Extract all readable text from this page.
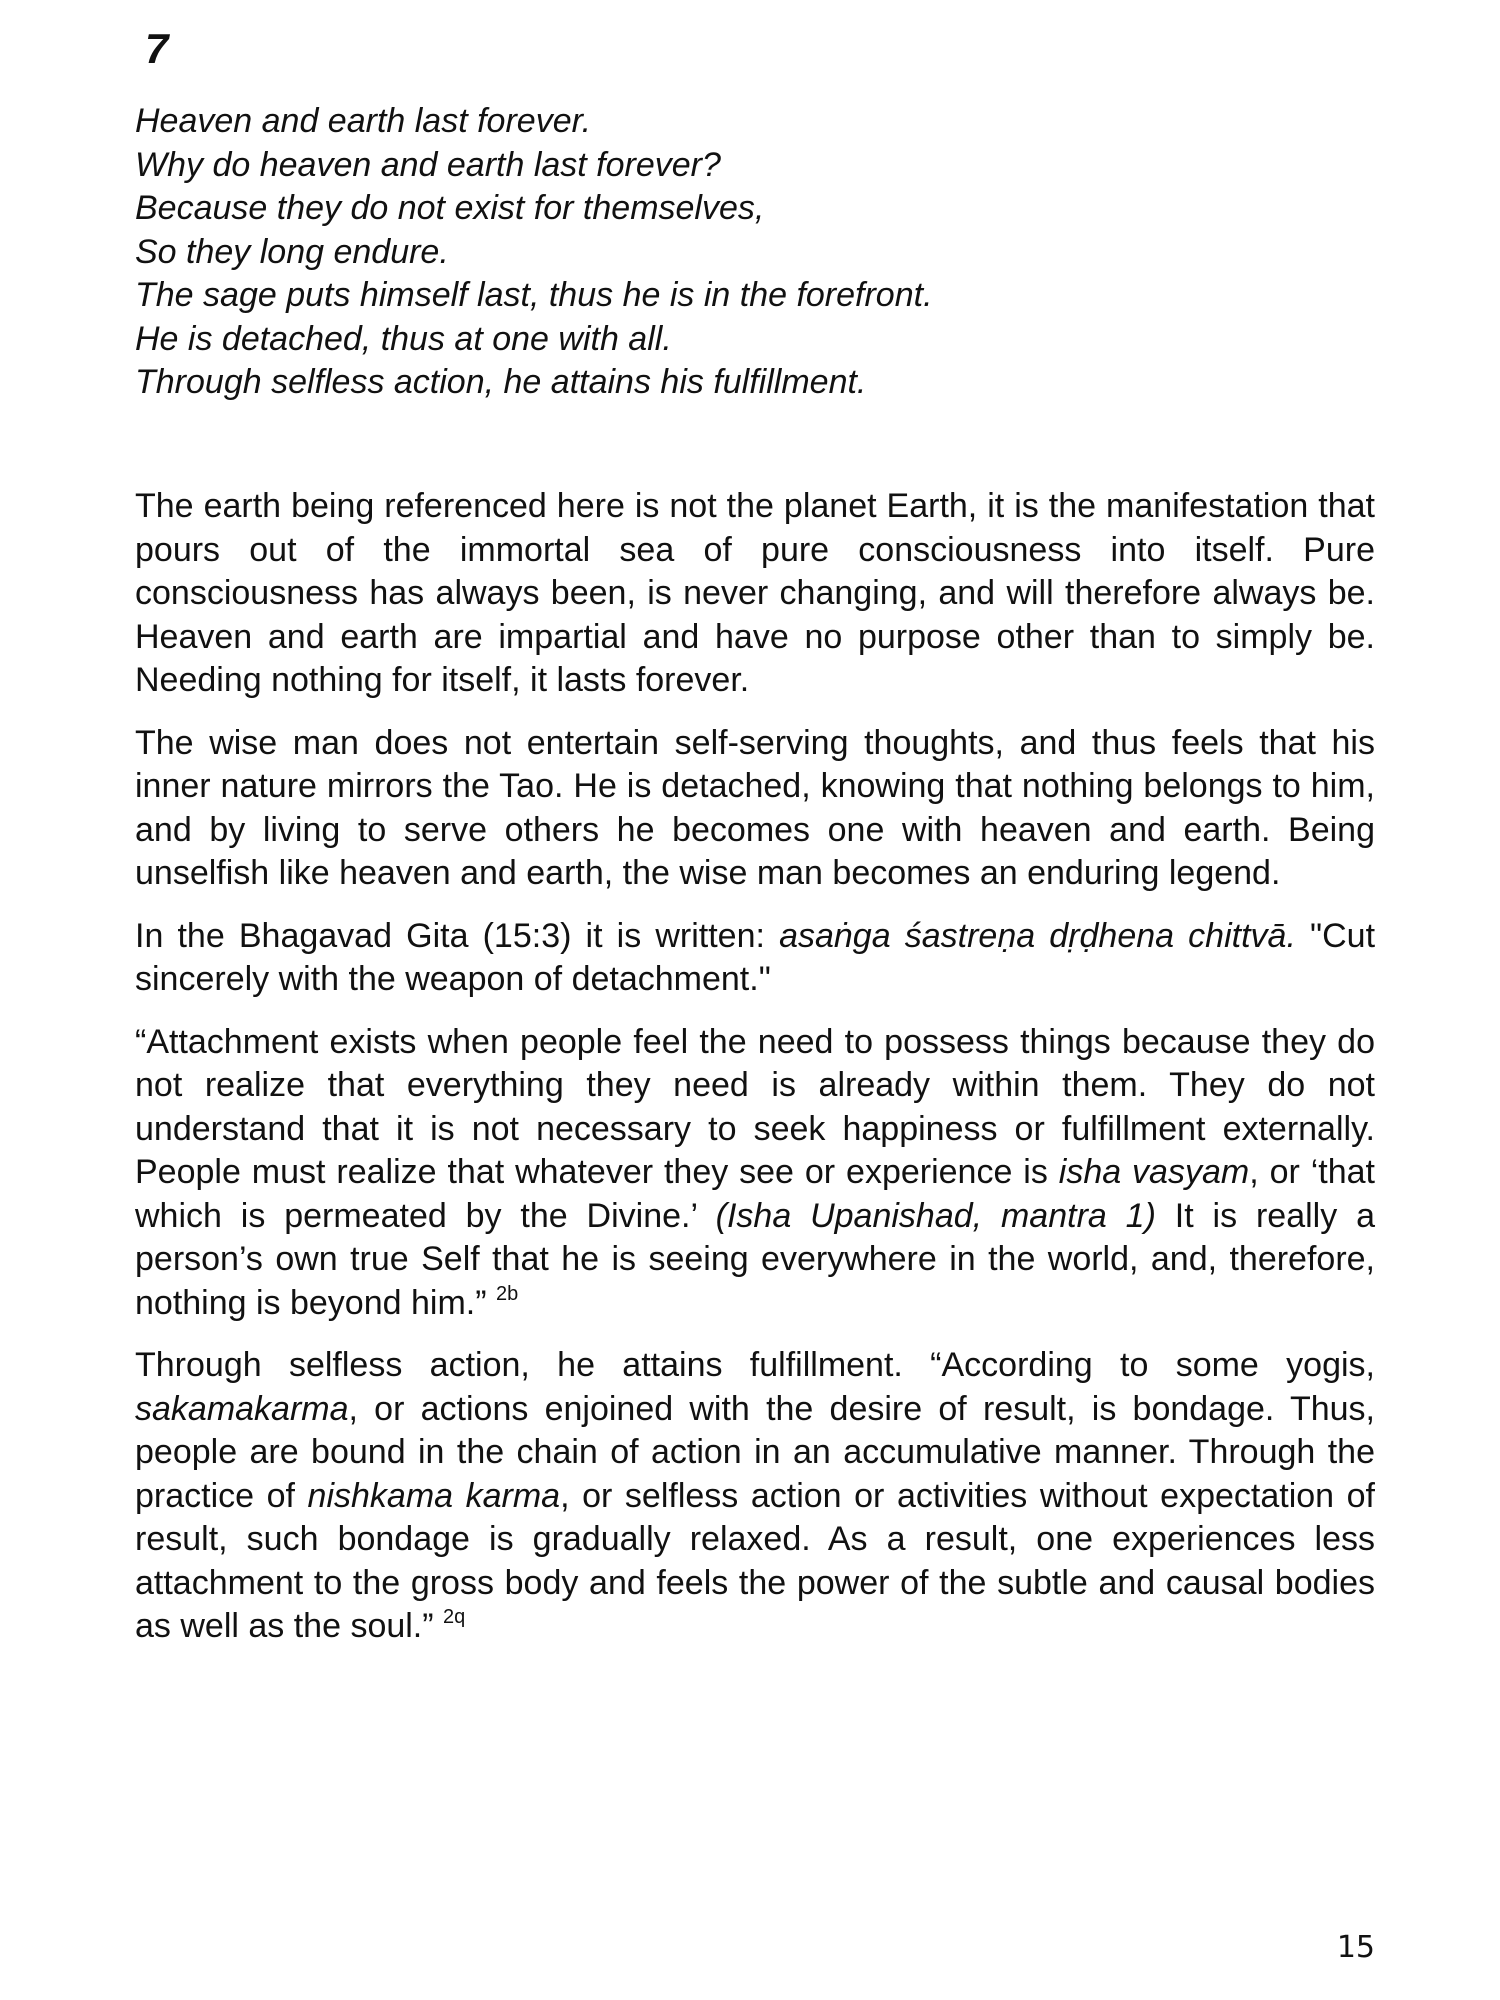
7
Heaven and earth last forever.
Why do heaven and earth last forever?
Because they do not exist for themselves,
So they long endure.
The sage puts himself last, thus he is in the forefront.
He is detached, thus at one with all.
Through selfless action, he attains his fulfillment.

The earth being referenced here is not the planet Earth, it is the manifestation that pours out of the immortal sea of pure consciousness into itself. Pure consciousness has always been, is never changing, and will therefore always be. Heaven and earth are impartial and have no purpose other than to simply be. Needing nothing for itself, it lasts forever.

The wise man does not entertain self-serving thoughts, and thus feels that his inner nature mirrors the Tao. He is detached, knowing that nothing belongs to him, and by living to serve others he becomes one with heaven and earth. Being unselfish like heaven and earth, the wise man becomes an enduring legend.

In the Bhagavad Gita (15:3) it is written: asaṅga śastreṇa dṛḍhena chittvā. "Cut sincerely with the weapon of detachment."

“Attachment exists when people feel the need to possess things because they do not realize that everything they need is already within them. They do not understand that it is not necessary to seek happiness or fulfillment externally. People must realize that whatever they see or experience is isha vasyam, or ‘that which is permeated by the Divine.’ (Isha Upanishad, mantra 1) It is really a person’s own true Self that he is seeing everywhere in the world, and, therefore, nothing is beyond him.” $^{2b}$

Through selfless action, he attains fulfillment. “According to some yogis, sakamakarma, or actions enjoined with the desire of result, is bondage. Thus, people are bound in the chain of action in an accumulative manner. Through the practice of nishkama karma, or selfless action or activities without expectation of result, such bondage is gradually relaxed. As a result, one experiences less attachment to the gross body and feels the power of the subtle and causal bodies as well as the soul.” $^{2q}$

15
